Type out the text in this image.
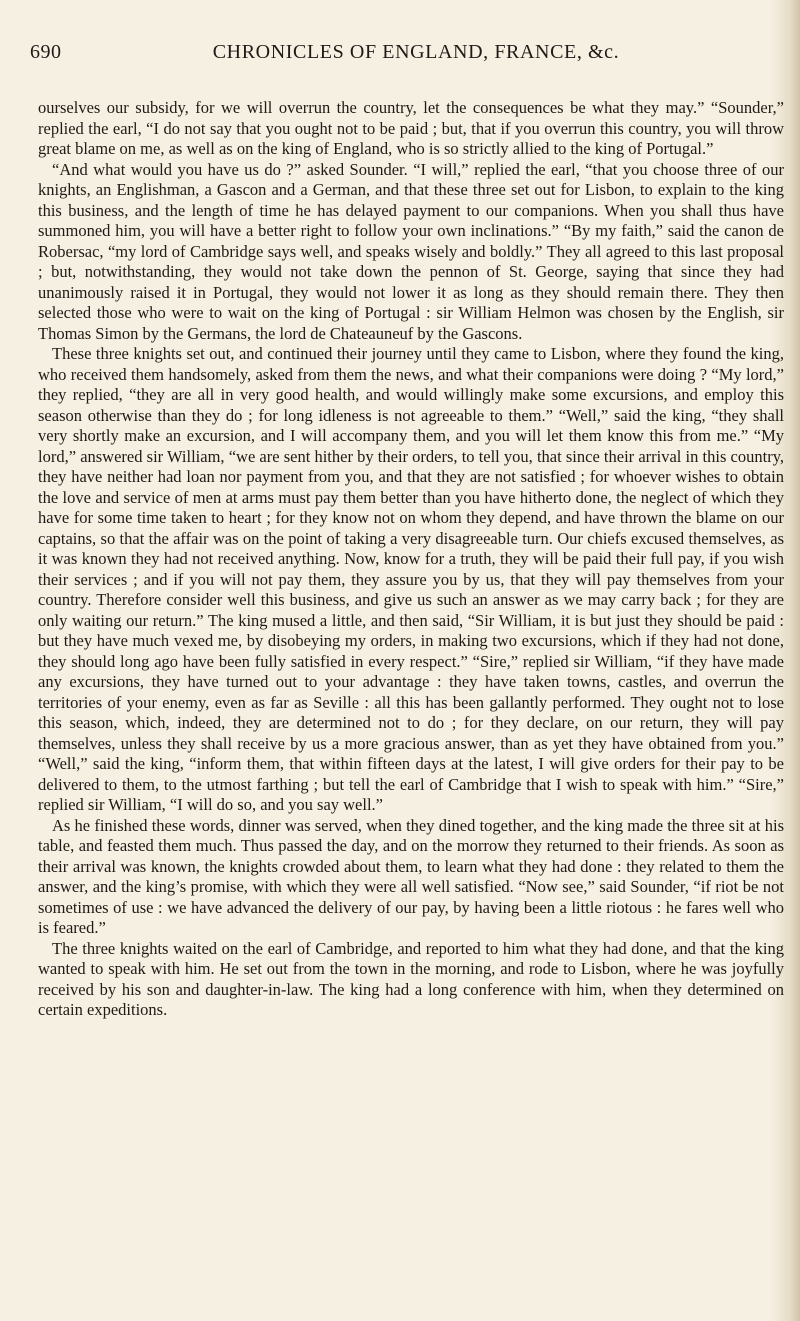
690	CHRONICLES OF ENGLAND, FRANCE, &c.

ourselves our subsidy, for we will overrun the country, let the consequences be what they may.” “Sounder,” replied the earl, “I do not say that you ought not to be paid ; but, that if you overrun this country, you will throw great blame on me, as well as on the king of England, who is so strictly allied to the king of Portugal.”

“And what would you have us do ?” asked Sounder. “I will,” replied the earl, “that you choose three of our knights, an Englishman, a Gascon and a German, and that these three set out for Lisbon, to explain to the king this business, and the length of time he has delayed payment to our companions. When you shall thus have summoned him, you will have a better right to follow your own inclinations.” “By my faith,” said the canon de Robersac, “my lord of Cambridge says well, and speaks wisely and boldly.” They all agreed to this last proposal ; but, notwithstanding, they would not take down the pennon of St. George, saying that since they had unanimously raised it in Portugal, they would not lower it as long as they should remain there. They then selected those who were to wait on the king of Portugal : sir William Helmon was chosen by the English, sir Thomas Simon by the Germans, the lord de Chateauneuf by the Gascons.

These three knights set out, and continued their journey until they came to Lisbon, where they found the king, who received them handsomely, asked from them the news, and what their companions were doing ? “My lord,” they replied, “they are all in very good health, and would willingly make some excursions, and employ this season otherwise than they do ; for long idleness is not agreeable to them.” “Well,” said the king, “they shall very shortly make an excursion, and I will accompany them, and you will let them know this from me.” “My lord,” answered sir William, “we are sent hither by their orders, to tell you, that since their arrival in this country, they have neither had loan nor payment from you, and that they are not satisfied ; for whoever wishes to obtain the love and service of men at arms must pay them better than you have hitherto done, the neglect of which they have for some time taken to heart ; for they know not on whom they depend, and have thrown the blame on our captains, so that the affair was on the point of taking a very disagreeable turn. Our chiefs excused themselves, as it was known they had not received anything. Now, know for a truth, they will be paid their full pay, if you wish their services ; and if you will not pay them, they assure you by us, that they will pay themselves from your country. Therefore consider well this business, and give us such an answer as we may carry back ; for they are only waiting our return.” The king mused a little, and then said, “Sir William, it is but just they should be paid : but they have much vexed me, by disobeying my orders, in making two excursions, which if they had not done, they should long ago have been fully satisfied in every respect.” “Sire,” replied sir William, “if they have made any excursions, they have turned out to your advantage : they have taken towns, castles, and overrun the territories of your enemy, even as far as Seville : all this has been gallantly performed. They ought not to lose this season, which, indeed, they are determined not to do ; for they declare, on our return, they will pay themselves, unless they shall receive by us a more gracious answer, than as yet they have obtained from you.” “Well,” said the king, “inform them, that within fifteen days at the latest, I will give orders for their pay to be delivered to them, to the utmost farthing ; but tell the earl of Cambridge that I wish to speak with him.” “Sire,” replied sir William, “I will do so, and you say well.”

As he finished these words, dinner was served, when they dined together, and the king made the three sit at his table, and feasted them much. Thus passed the day, and on the morrow they returned to their friends. As soon as their arrival was known, the knights crowded about them, to learn what they had done : they related to them the answer, and the king’s promise, with which they were all well satisfied. “Now see,” said Sounder, “if riot be not sometimes of use : we have advanced the delivery of our pay, by having been a little riotous : he fares well who is feared.”

The three knights waited on the earl of Cambridge, and reported to him what they had done, and that the king wanted to speak with him. He set out from the town in the morning, and rode to Lisbon, where he was joyfully received by his son and daughter-in-law. The king had a long conference with him, when they determined on certain expeditions.
